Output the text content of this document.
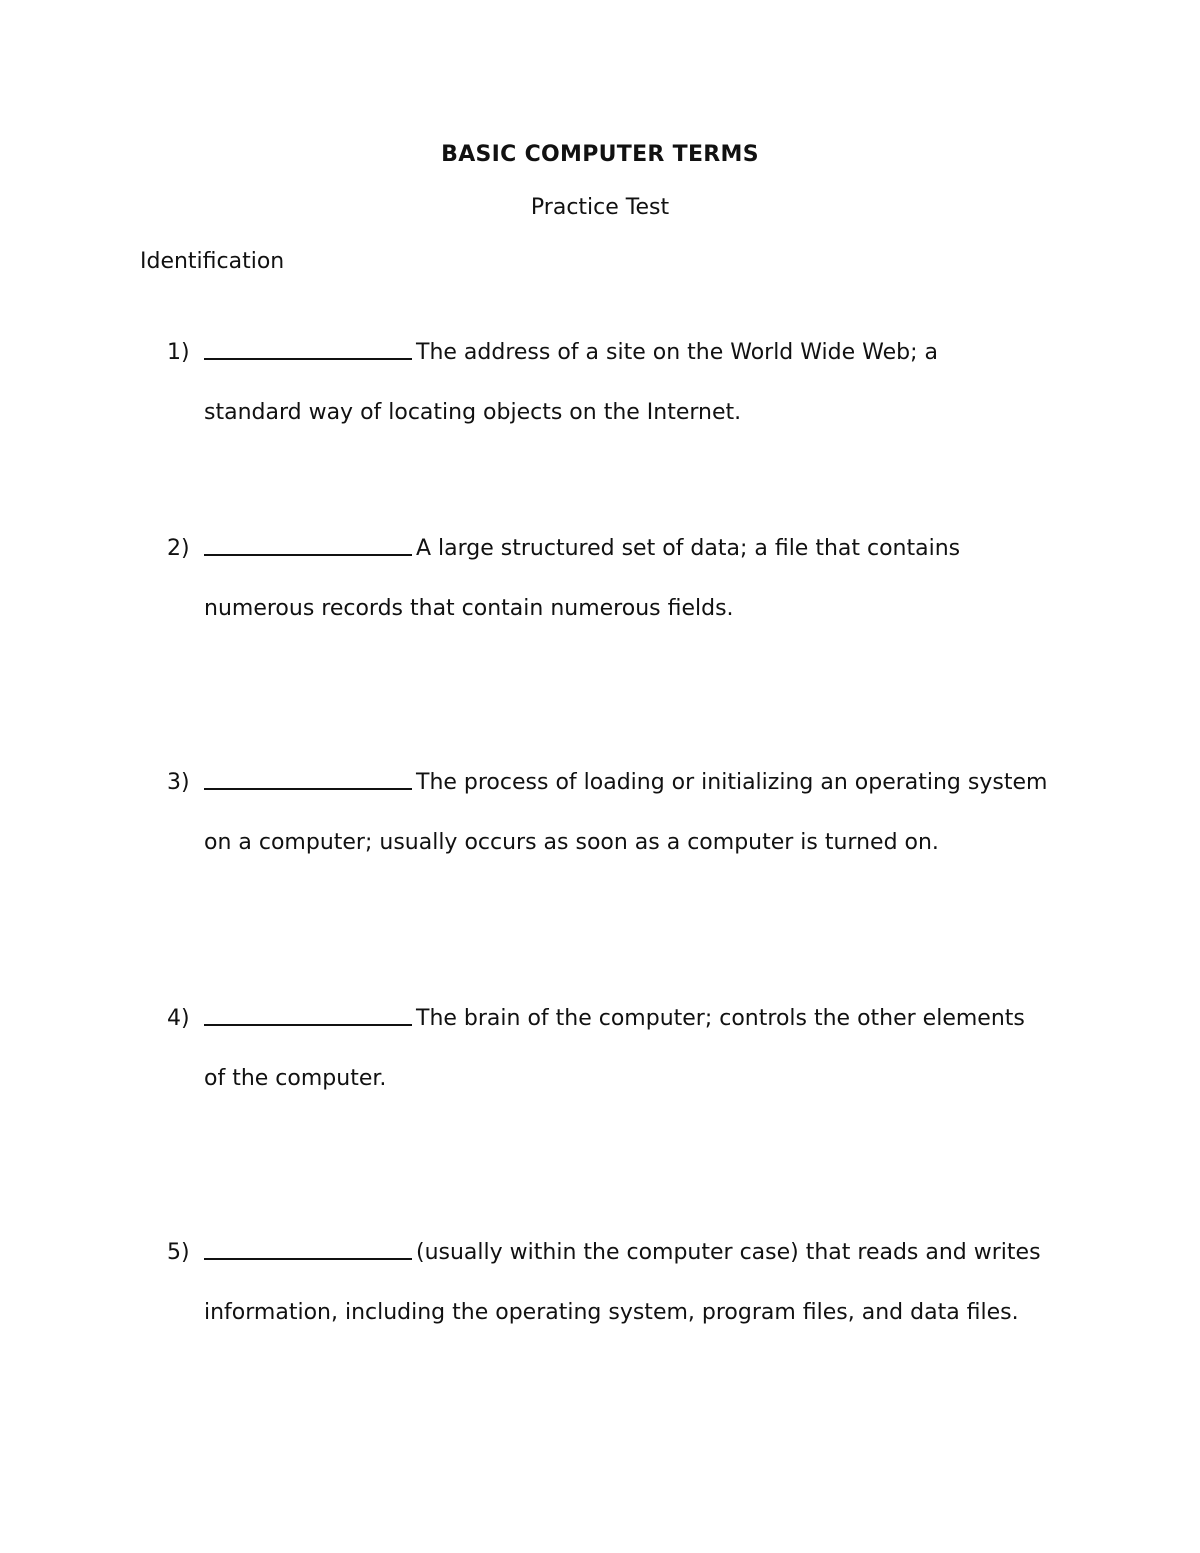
BASIC COMPUTER TERMS
Practice Test
Identification
1)	The address of a site on the World Wide Web; a
standard way of locating objects on the Internet.
2)	A large structured set of data; a file that contains
numerous records that contain numerous fields.
3)	The process of loading or initializing an operating system
on a computer; usually occurs as soon as a computer is turned on.
4)	The brain of the computer; controls the other elements
of the computer.
5)	(usually within the computer case) that reads and writes
information, including the operating system, program files, and data files.
